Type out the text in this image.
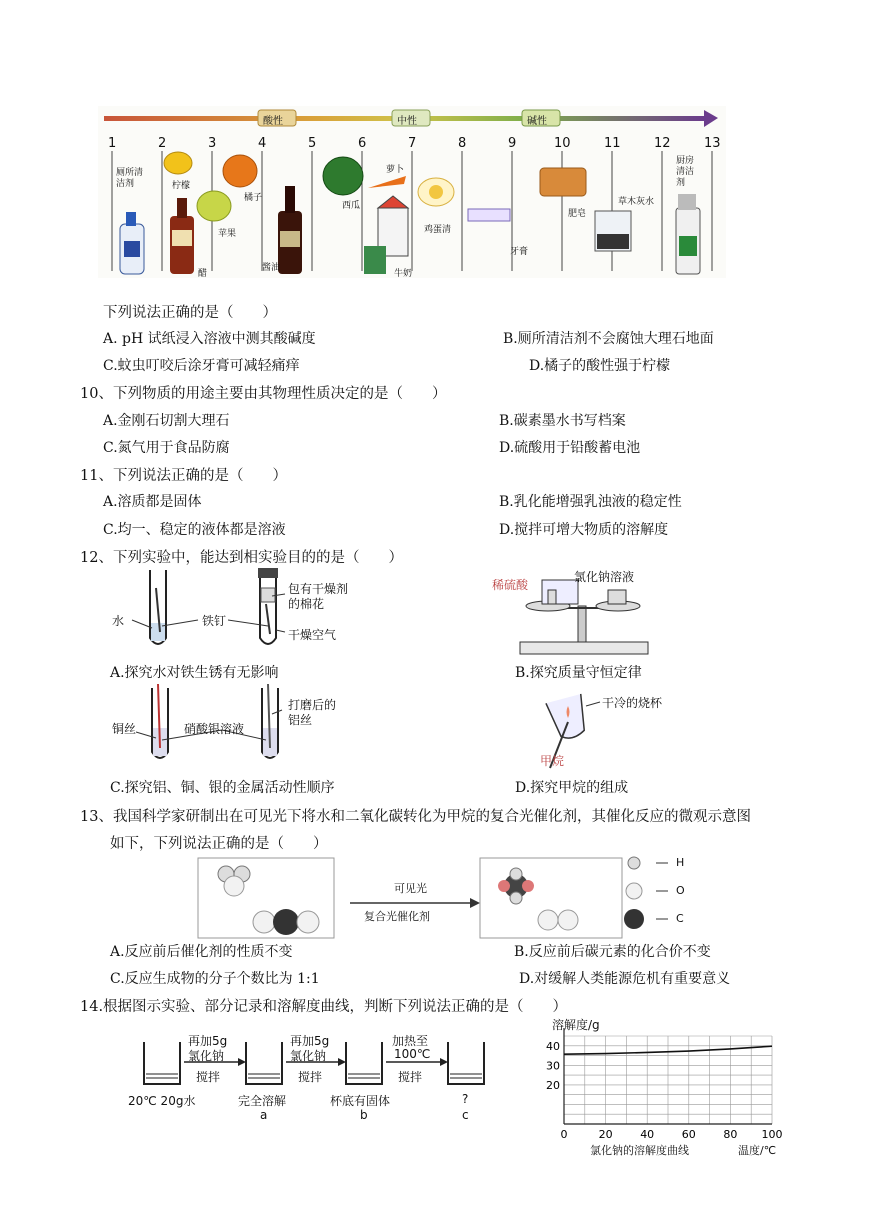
酸性	中性	碱性
1	2	3	4	5	6	7	8	9	10	11	12	13
厕所清洁剂	柠檬
苹果
醋
橘子
酱油
西瓜
萝卜
牛奶
鸡蛋清
牙膏
肥皂
草木灰水
厨房清洁剂
下列说法正确的是（　　）
A. pH 试纸浸入溶液中测其酸碱度	B.厕所清洁剂不会腐蚀大理石地面
C.蚊虫叮咬后涂牙膏可减轻痛痒	D.橘子的酸性强于柠檬
10、下列物质的用途主要由其物理性质决定的是（　　）
A.金刚石切割大理石	B.碳素墨水书写档案
C.氮气用于食品防腐	D.硫酸用于铅酸蓄电池
11、下列说法正确的是（　　）
A.溶质都是固体	B.乳化能增强乳浊液的稳定性
C.均一、稳定的液体都是溶液	D.搅拌可增大物质的溶解度
12、下列实验中，能达到相实验目的的是（　　）
水	铁钉
包有干燥剂的棉花
干燥空气
稀硫酸
氯化钠溶液
A.探究水对铁生锈有无影响	B.探究质量守恒定律
铜丝	硝酸银溶液
打磨后的铝丝
干冷的烧杯
甲烷
C.探究铝、铜、银的金属活动性顺序	D.探究甲烷的组成
13、我国科学家研制出在可见光下将水和二氧化碳转化为甲烷的复合光催化剂，其催化反应的微观示意图
如下，下列说法正确的是（　　）
可见光
复合光催化剂
H
O
C
A.反应前后催化剂的性质不变	B.反应前后碳元素的化合价不变
C.反应生成物的分子个数比为 1:1	D.对缓解人类能源危机有重要意义
14.根据图示实验、部分记录和溶解度曲线，判断下列说法正确的是（　　）
再加5g
氯化钠
搅拌
再加5g
氯化钠
搅拌
加热至
100℃
搅拌
20℃ 20g水	完全溶解	杯底有固体	?
a	b	c
溶解度/g
0	20	40	60	80 100
20
30
40
氯化钠的溶解度曲线	温度/℃
